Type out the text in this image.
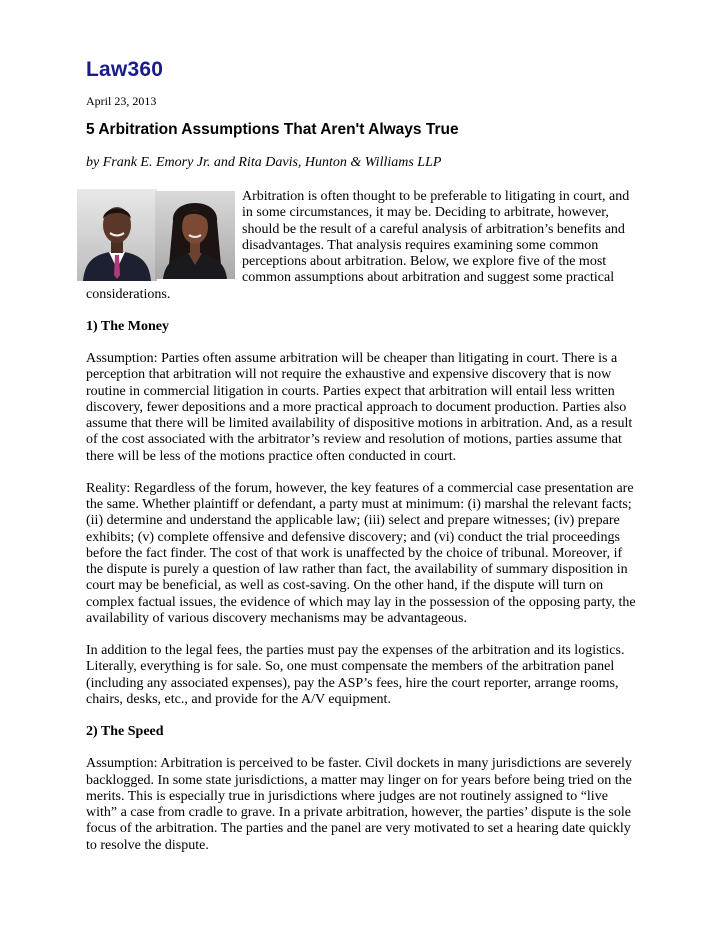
Law360
April 23, 2013
5 Arbitration Assumptions That Aren't Always True
by Frank E. Emory Jr. and Rita Davis, Hunton & Williams LLP

Arbitration is often thought to be preferable to litigating in court, and in some circumstances, it may be. Deciding to arbitrate, however, should be the result of a careful analysis of arbitration’s benefits and disadvantages. That analysis requires examining some common perceptions about arbitration. Below, we explore five of the most common assumptions about arbitration and suggest some practical considerations.

1) The Money

Assumption: Parties often assume arbitration will be cheaper than litigating in court. There is a perception that arbitration will not require the exhaustive and expensive discovery that is now routine in commercial litigation in courts. Parties expect that arbitration will entail less written discovery, fewer depositions and a more practical approach to document production. Parties also assume that there will be limited availability of dispositive motions in arbitration. And, as a result of the cost associated with the arbitrator’s review and resolution of motions, parties assume that there will be less of the motions practice often conducted in court.

Reality: Regardless of the forum, however, the key features of a commercial case presentation are the same. Whether plaintiff or defendant, a party must at minimum: (i) marshal the relevant facts; (ii) determine and understand the applicable law; (iii) select and prepare witnesses; (iv) prepare exhibits; (v) complete offensive and defensive discovery; and (vi) conduct the trial proceedings before the fact finder. The cost of that work is unaffected by the choice of tribunal. Moreover, if the dispute is purely a question of law rather than fact, the availability of summary disposition in court may be beneficial, as well as cost-saving. On the other hand, if the dispute will turn on complex factual issues, the evidence of which may lay in the possession of the opposing party, the availability of various discovery mechanisms may be advantageous.

In addition to the legal fees, the parties must pay the expenses of the arbitration and its logistics. Literally, everything is for sale. So, one must compensate the members of the arbitration panel (including any associated expenses), pay the ASP’s fees, hire the court reporter, arrange rooms, chairs, desks, etc., and provide for the A/V equipment.

2) The Speed

Assumption: Arbitration is perceived to be faster. Civil dockets in many jurisdictions are severely backlogged. In some state jurisdictions, a matter may linger on for years before being tried on the merits. This is especially true in jurisdictions where judges are not routinely assigned to “live with” a case from cradle to grave. In a private arbitration, however, the parties’ dispute is the sole focus of the arbitration. The parties and the panel are very motivated to set a hearing date quickly to resolve the dispute.
